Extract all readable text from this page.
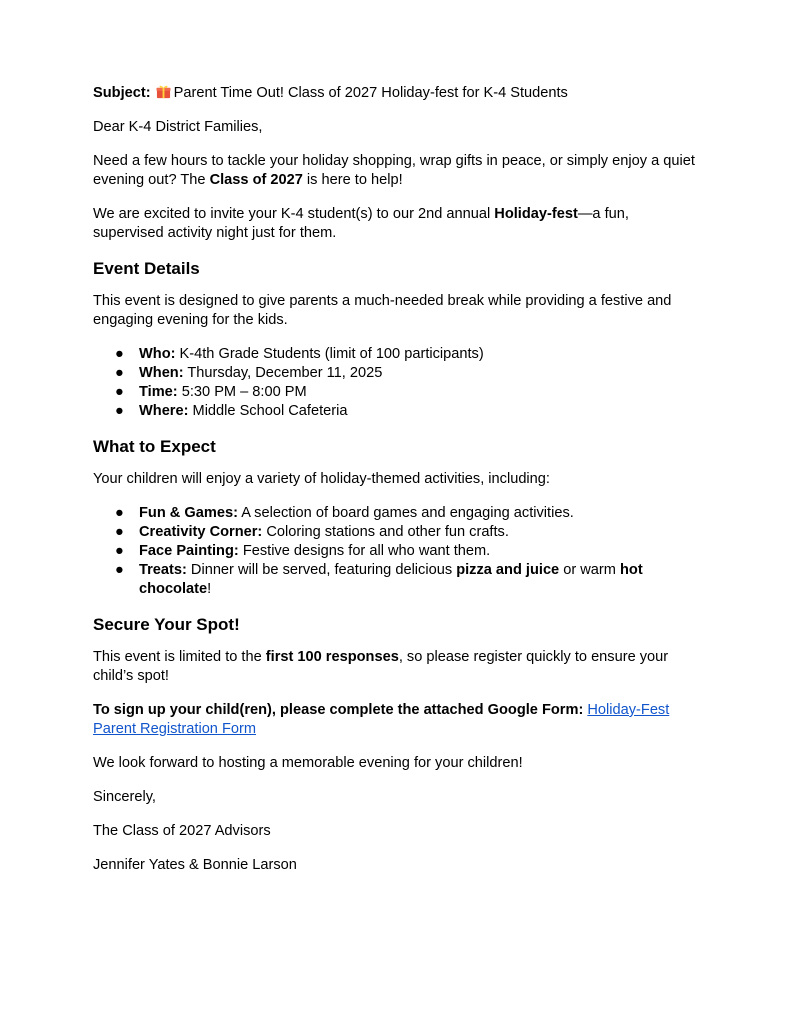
Subject: Parent Time Out! Class of 2027 Holiday-fest for K-4 Students

Dear K-4 District Families,

Need a few hours to tackle your holiday shopping, wrap gifts in peace, or simply enjoy a quiet evening out? The Class of 2027 is here to help!

We are excited to invite your K-4 student(s) to our 2nd annual Holiday-fest—a fun, supervised activity night just for them.

Event Details

This event is designed to give parents a much-needed break while providing a festive and engaging evening for the kids.

● Who: K-4th Grade Students (limit of 100 participants)
● When: Thursday, December 11, 2025
● Time: 5:30 PM – 8:00 PM
● Where: Middle School Cafeteria
What to Expect

Your children will enjoy a variety of holiday-themed activities, including:

● Fun & Games: A selection of board games and engaging activities.
● Creativity Corner: Coloring stations and other fun crafts.
● Face Painting: Festive designs for all who want them.
● Treats: Dinner will be served, featuring delicious pizza and juice or warm hot chocolate!
Secure Your Spot!

This event is limited to the first 100 responses, so please register quickly to ensure your child’s spot!

To sign up your child(ren), please complete the attached Google Form: Holiday-Fest Parent Registration Form

We look forward to hosting a memorable evening for your children!

Sincerely,

The Class of 2027 Advisors

Jennifer Yates & Bonnie Larson
